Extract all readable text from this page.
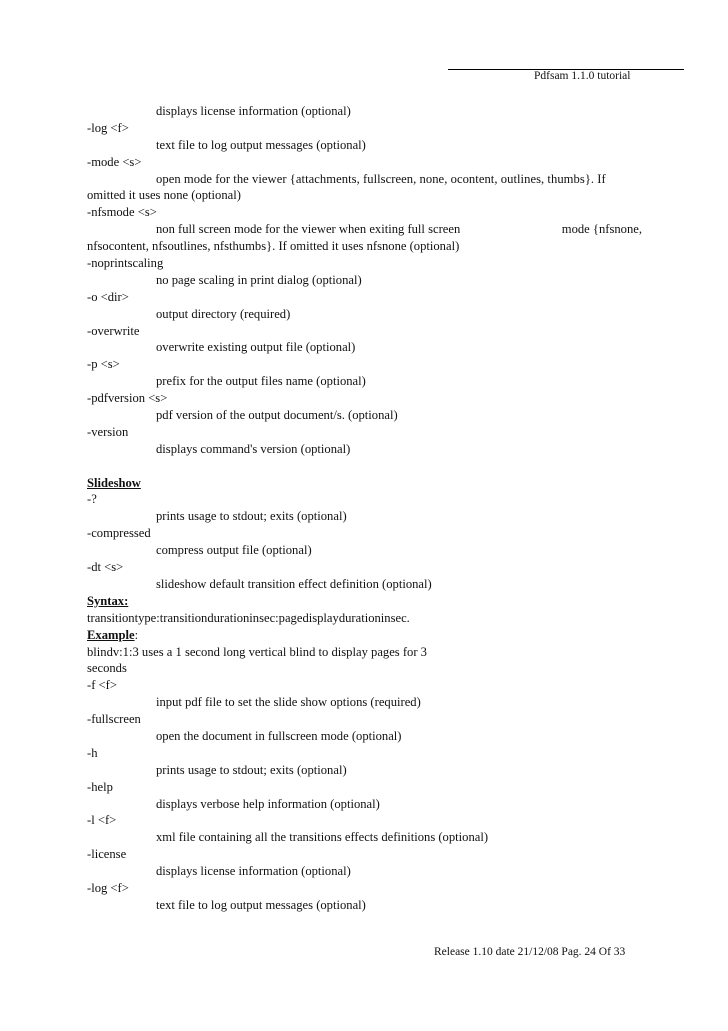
Pdfsam 1.1.0 tutorial
displays license information (optional)
-log <f>
text file to log output messages (optional)
-mode <s>
open mode for the viewer {attachments, fullscreen, none, ocontent, outlines, thumbs}. If
omitted it uses none (optional)
-nfsmode <s>
non full screen mode for the viewer when exiting full screen	mode {nfsnone,
nfsocontent, nfsoutlines, nfsthumbs}. If omitted it uses nfsnone (optional)
-noprintscaling
no page scaling in print dialog (optional)
-o <dir>
output directory (required)
-overwrite
overwrite existing output file (optional)
-p <s>
prefix for the output files name (optional)
-pdfversion <s>
pdf version of the output document/s. (optional)
-version
displays command's version (optional)
Slideshow
-?
prints usage to stdout; exits (optional)
-compressed
compress output file (optional)
-dt <s>
slideshow default transition effect definition (optional)
Syntax:
transitiontype:transitiondurationinsec:pagedisplaydurationinsec.
Example:
blindv:1:3 uses a 1 second long vertical blind to display pages for 3
seconds
-f <f>
input pdf file to set the slide show options (required)
-fullscreen
open the document in fullscreen mode (optional)
-h
prints usage to stdout; exits (optional)
-help
displays verbose help information (optional)
-l <f>
xml file containing all the transitions effects definitions (optional)
-license
displays license information (optional)
-log <f>
text file to log output messages (optional)
Release 1.10 date 21/12/08 Pag. 24 Of 33
